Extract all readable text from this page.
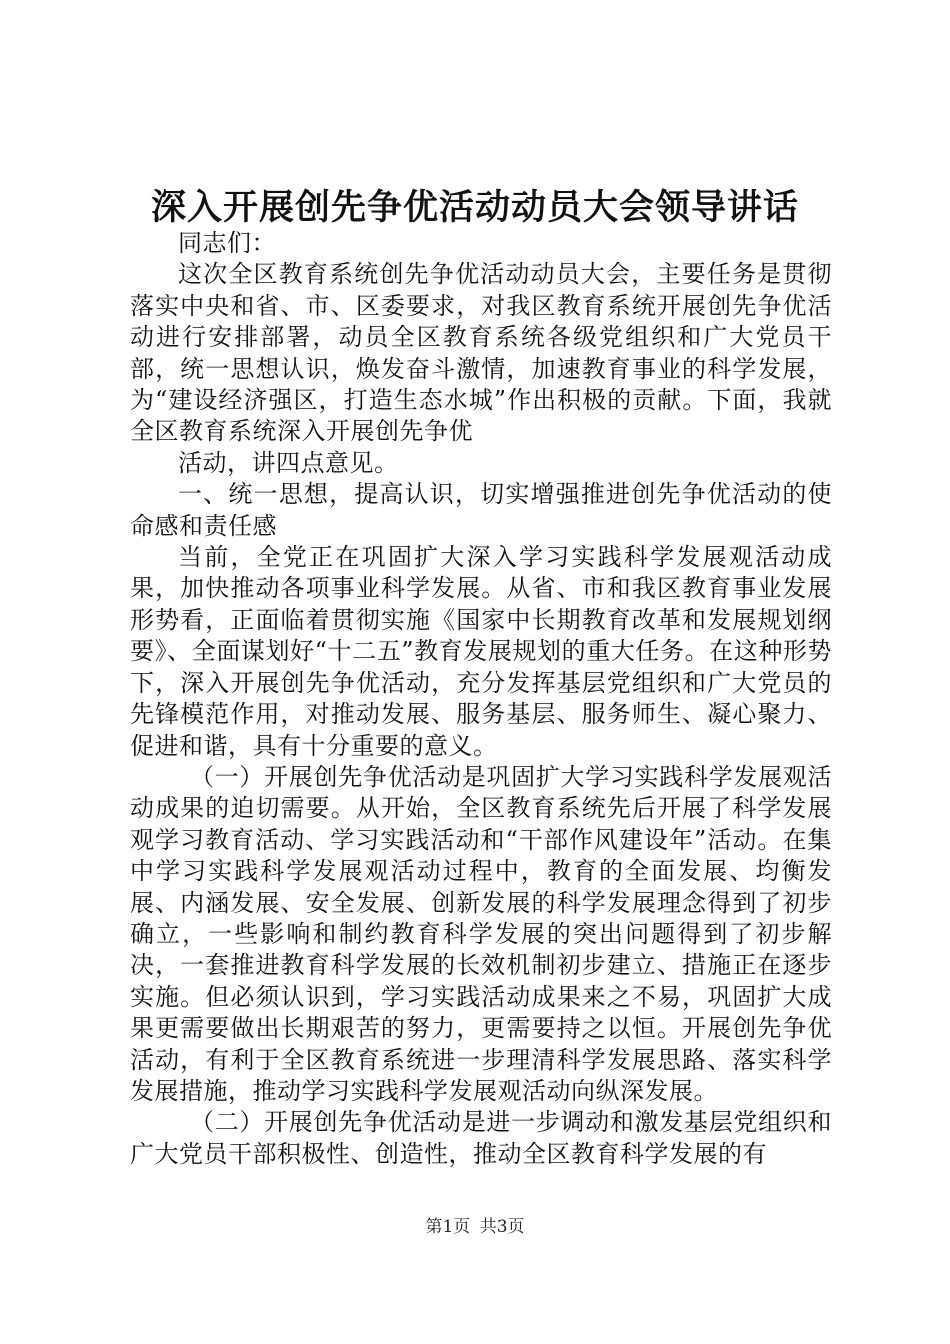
深入开展创先争优活动动员大会领导讲话

同志们：

这次全区教育系统创先争优活动动员大会，主要任务是贯彻落实中央和省、市、区委要求，对我区教育系统开展创先争优活动进行安排部署，动员全区教育系统各级党组织和广大党员干部，统一思想认识，焕发奋斗激情，加速教育事业的科学发展，为“建设经济强区，打造生态水城”作出积极的贡献。下面，我就全区教育系统深入开展创先争优

活动，讲四点意见。

一、统一思想，提高认识，切实增强推进创先争优活动的使命感和责任感

当前，全党正在巩固扩大深入学习实践科学发展观活动成果，加快推动各项事业科学发展。从省、市和我区教育事业发展形势看，正面临着贯彻实施《国家中长期教育改革和发展规划纲要》、全面谋划好“十二五”教育发展规划的重大任务。在这种形势下，深入开展创先争优活动，充分发挥基层党组织和广大党员的先锋模范作用，对推动发展、服务基层、服务师生、凝心聚力、促进和谐，具有十分重要的意义。

（一）开展创先争优活动是巩固扩大学习实践科学发展观活动成果的迫切需要。从开始，全区教育系统先后开展了科学发展观学习教育活动、学习实践活动和“干部作风建设年”活动。在集中学习实践科学发展观活动过程中，教育的全面发展、均衡发展、内涵发展、安全发展、创新发展的科学发展理念得到了初步确立，一些影响和制约教育科学发展的突出问题得到了初步解决，一套推进教育科学发展的长效机制初步建立、措施正在逐步实施。但必须认识到，学习实践活动成果来之不易，巩固扩大成果更需要做出长期艰苦的努力，更需要持之以恒。开展创先争优活动，有利于全区教育系统进一步理清科学发展思路、落实科学发展措施，推动学习实践科学发展观活动向纵深发展。

（二）开展创先争优活动是进一步调动和激发基层党组织和广大党员干部积极性、创造性，推动全区教育科学发展的有

第1页 共3页
